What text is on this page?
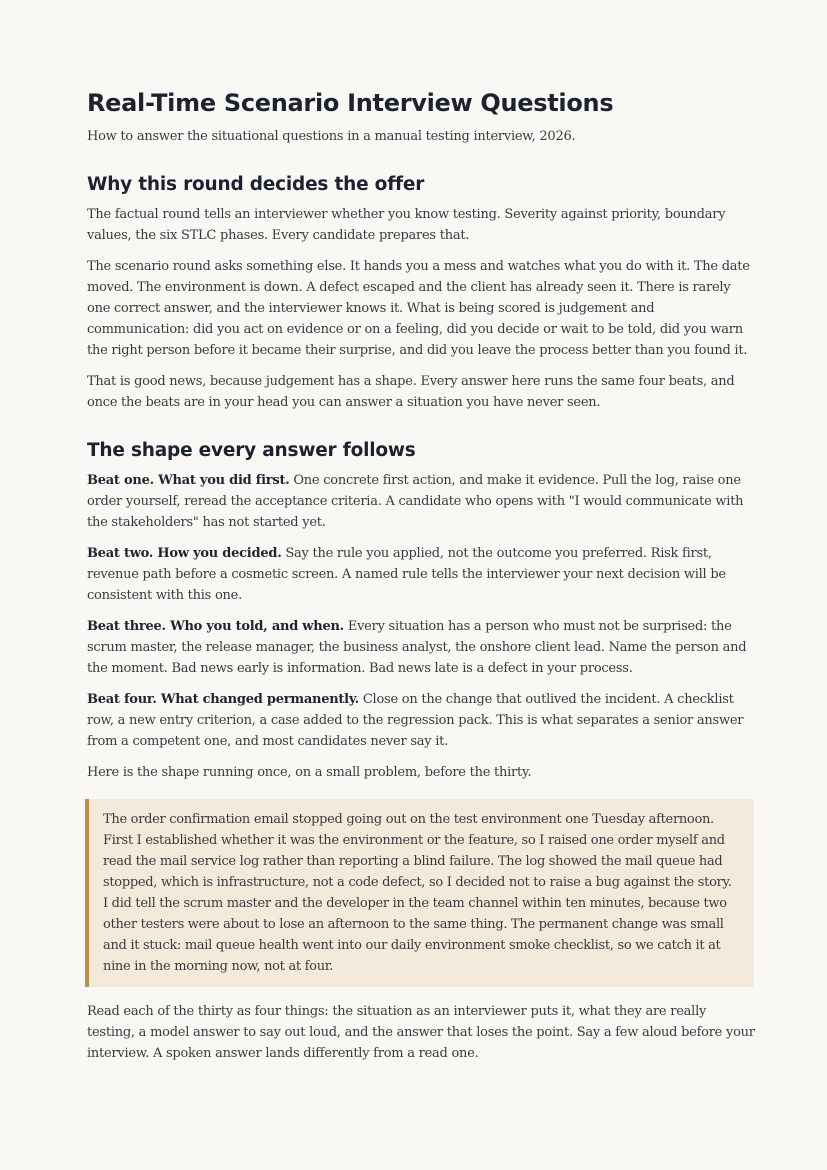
Real-Time Scenario Interview Questions

How to answer the situational questions in a manual testing interview, 2026.

Why this round decides the offer

The factual round tells an interviewer whether you know testing. Severity against priority, boundary values, the six STLC phases. Every candidate prepares that.

The scenario round asks something else. It hands you a mess and watches what you do with it. The date moved. The environment is down. A defect escaped and the client has already seen it. There is rarely one correct answer, and the interviewer knows it. What is being scored is judgement and communication: did you act on evidence or on a feeling, did you decide or wait to be told, did you warn the right person before it became their surprise, and did you leave the process better than you found it.

That is good news, because judgement has a shape. Every answer here runs the same four beats, and once the beats are in your head you can answer a situation you have never seen.

The shape every answer follows

Beat one. What you did first. One concrete first action, and make it evidence. Pull the log, raise one order yourself, reread the acceptance criteria. A candidate who opens with "I would communicate with the stakeholders" has not started yet.

Beat two. How you decided. Say the rule you applied, not the outcome you preferred. Risk first, revenue path before a cosmetic screen. A named rule tells the interviewer your next decision will be consistent with this one.

Beat three. Who you told, and when. Every situation has a person who must not be surprised: the scrum master, the release manager, the business analyst, the onshore client lead. Name the person and the moment. Bad news early is information. Bad news late is a defect in your process.

Beat four. What changed permanently. Close on the change that outlived the incident. A checklist row, a new entry criterion, a case added to the regression pack. This is what separates a senior answer from a competent one, and most candidates never say it.

Here is the shape running once, on a small problem, before the thirty.

The order confirmation email stopped going out on the test environment one Tuesday afternoon. First I established whether it was the environment or the feature, so I raised one order myself and read the mail service log rather than reporting a blind failure. The log showed the mail queue had stopped, which is infrastructure, not a code defect, so I decided not to raise a bug against the story. I did tell the scrum master and the developer in the team channel within ten minutes, because two other testers were about to lose an afternoon to the same thing. The permanent change was small and it stuck: mail queue health went into our daily environment smoke checklist, so we catch it at nine in the morning now, not at four.

Read each of the thirty as four things: the situation as an interviewer puts it, what they are really testing, a model answer to say out loud, and the answer that loses the point. Say a few aloud before your interview. A spoken answer lands differently from a read one.
